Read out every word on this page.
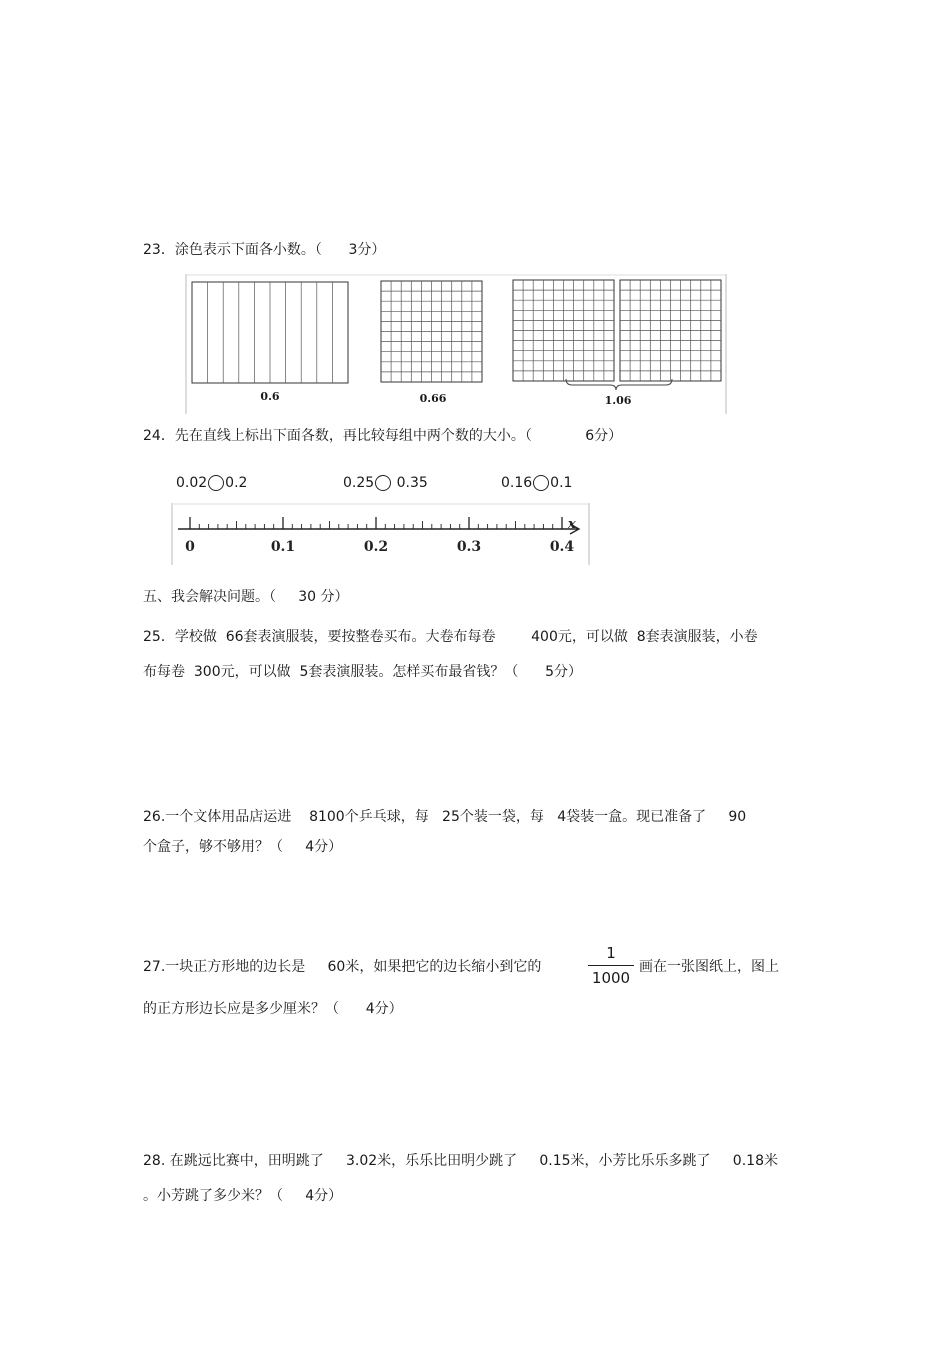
23．涂色表示下面各小数。（      3分）
0.6	0.66	1.06
24．先在直线上标出下面各数，再比较每组中两个数的大小。（            6分）
0.02 0.2	0.25 0.35	0.16 0.1
0	0.1	0.2	0.3	0.4
x
五、我会解决问题。（     30 分）
25．学校做  66套表演服装，要按整卷买布。大卷布每卷        400元，可以做  8套表演服装，小卷
布每卷  300元，可以做  5套表演服装。怎样买布最省钱？（      5分）
26.一个文体用品店运进    8100个乒乓球，每   25个装一袋，每   4袋装一盒。现已准备了     90
个盒子，够不够用？（     4分）
27.一块正方形地的边长是     60米，如果把它的边长缩小到它的
1
1000
画在一张图纸上，图上
的正方形边长应是多少厘米？（      4分）
28. 在跳远比赛中，田明跳了     3.02米，乐乐比田明少跳了     0.15米，小芳比乐乐多跳了     0.18米
。小芳跳了多少米？（     4分）
